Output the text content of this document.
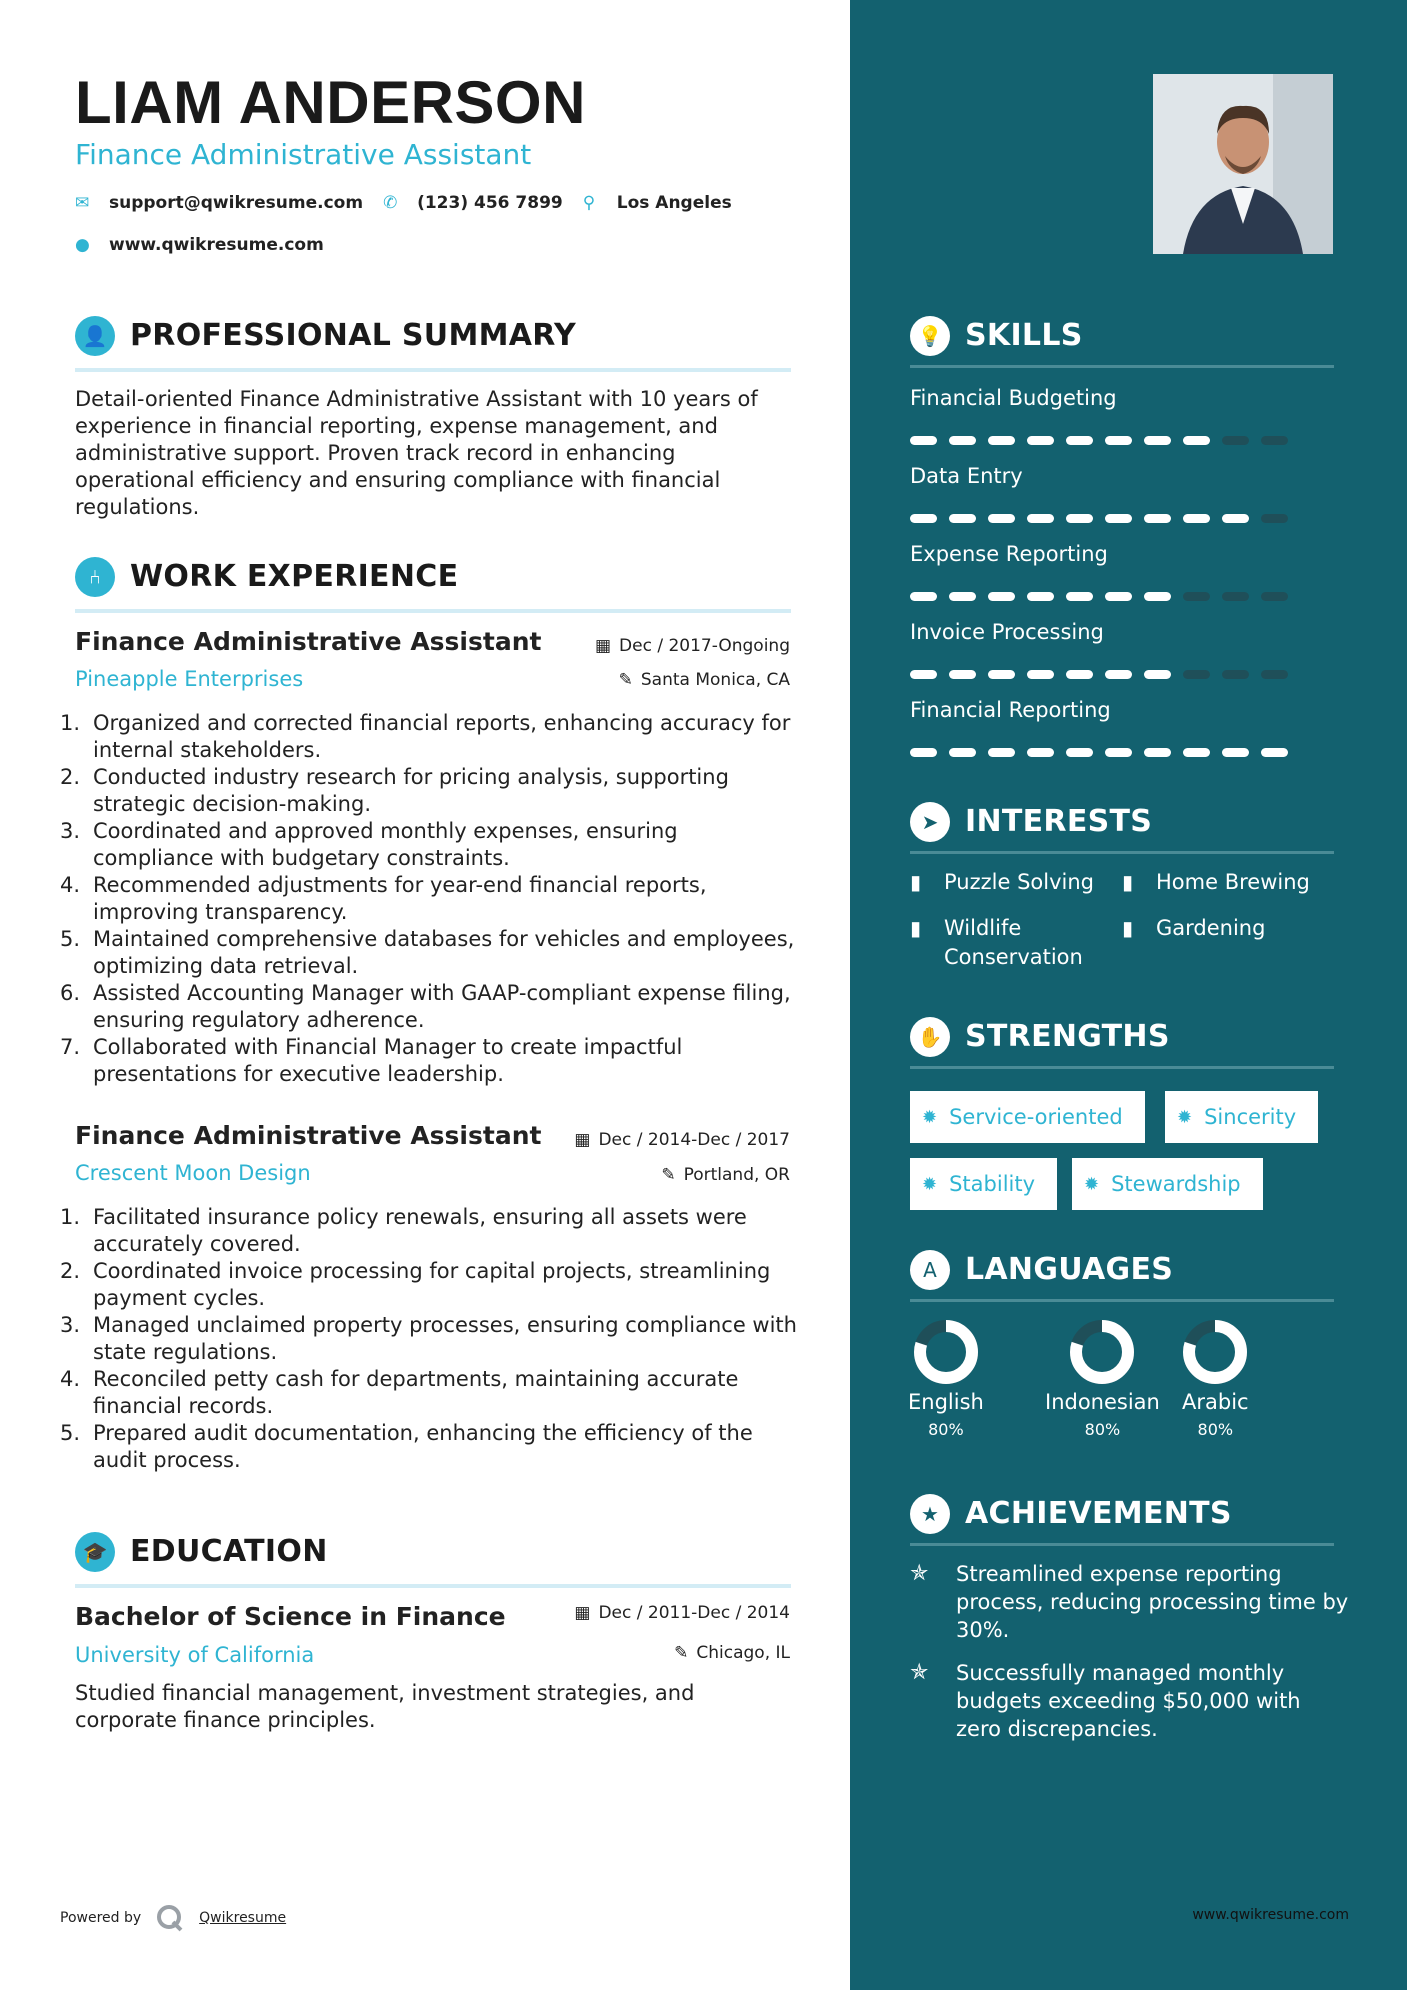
LIAM ANDERSON
Finance Administrative Assistant
✉	support@qwikresume.com ✆	(123) 456 7899 ⚲	Los Angeles
●	www.qwikresume.com
👤 PROFESSIONAL SUMMARY
Detail-oriented Finance Administrative Assistant with 10 years of experience in financial reporting, expense management, and administrative support. Proven track record in enhancing operational efficiency and ensuring compliance with financial regulations.
⑃ WORK EXPERIENCE
Finance Administrative Assistant	▦ Dec / 2017-Ongoing
Pineapple Enterprises	✎ Santa Monica, CA
1. Organized and corrected financial reports, enhancing accuracy for internal stakeholders.
2. Conducted industry research for pricing analysis, supporting strategic decision-making.
3. Coordinated and approved monthly expenses, ensuring compliance with budgetary constraints.
4. Recommended adjustments for year-end financial reports, improving transparency.
5. Maintained comprehensive databases for vehicles and employees, optimizing data retrieval.
6. Assisted Accounting Manager with GAAP-compliant expense filing, ensuring regulatory adherence.
7. Collaborated with Financial Manager to create impactful presentations for executive leadership.
Finance Administrative Assistant ▦ Dec / 2014-Dec / 2017
Crescent Moon Design	✎ Portland, OR
1. Facilitated insurance policy renewals, ensuring all assets were accurately covered.
2. Coordinated invoice processing for capital projects, streamlining payment cycles.
3. Managed unclaimed property processes, ensuring compliance with state regulations.
4. Reconciled petty cash for departments, maintaining accurate financial records.
5. Prepared audit documentation, enhancing the efficiency of the audit process.
🎓 EDUCATION
Bachelor of Science in Finance	▦ Dec / 2011-Dec / 2014
University of California	✎ Chicago, IL
Studied financial management, investment strategies, and corporate finance principles.
Powered by	Qwikresume
💡 SKILLS
Financial Budgeting
Data Entry
Expense Reporting
Invoice Processing
Financial Reporting
➤ INTERESTS
▮	Puzzle Solving ▮	Home Brewing
▮	Wildlife Conservation
▮	Gardening
✋ STRENGTHS
✹ Service-oriented	✹ Sincerity
✹ Stability	✹ Stewardship
A LANGUAGES
English
80%
Indonesian
80%
Arabic
80%
★ ACHIEVEMENTS
✯	Streamlined expense reporting process, reducing processing time by 30%.
✯	Successfully managed monthly budgets exceeding $50,000 with zero discrepancies.
www.qwikresume.com
